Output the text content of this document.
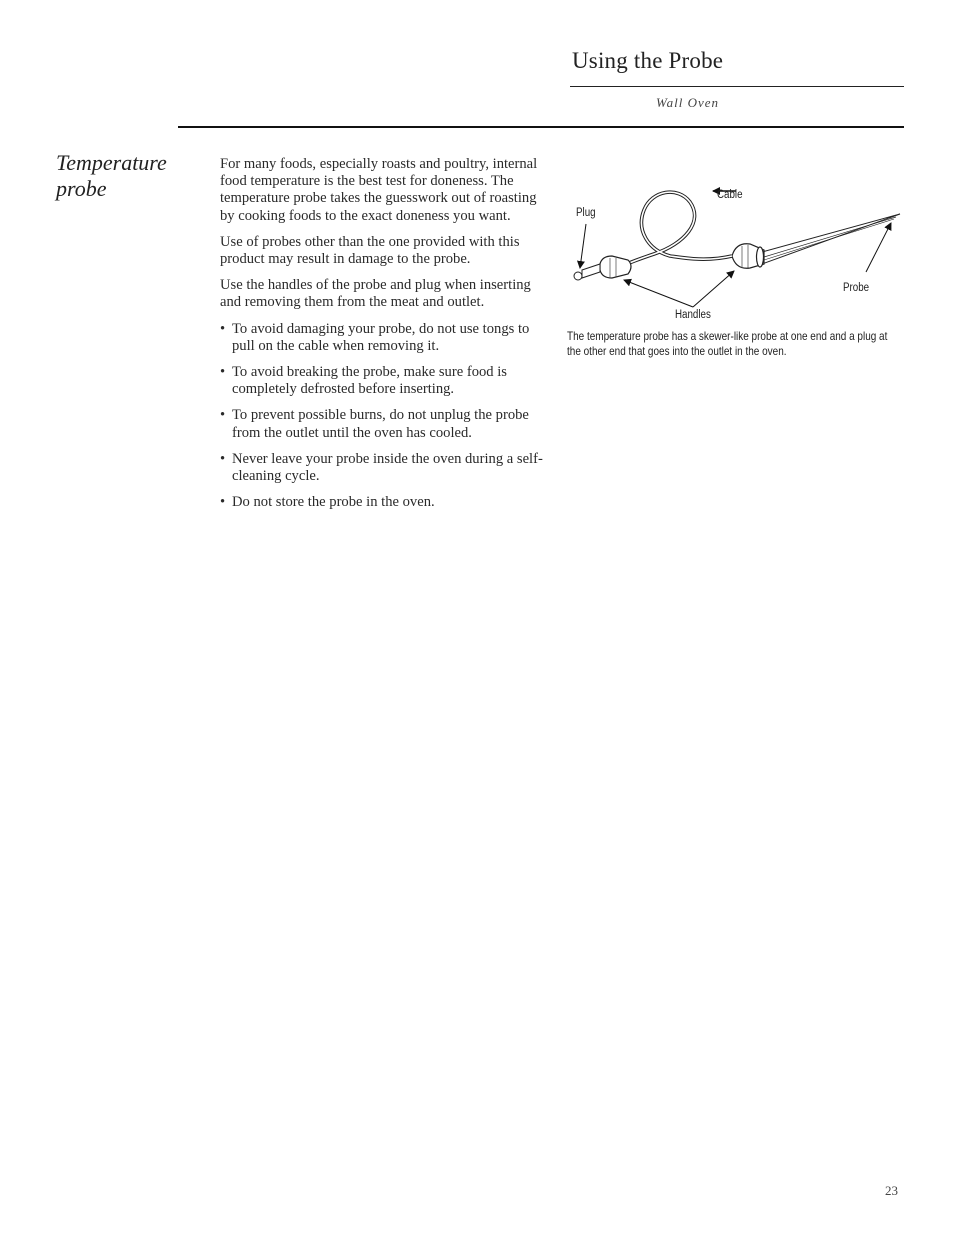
Using the Probe
Wall Oven
Temperature probe

For many foods, especially roasts and poultry, internal food temperature is the best test for doneness. The temperature probe takes the guesswork out of roasting by cooking foods to the exact doneness you want.

Use of probes other than the one provided with this product may result in damage to the probe.

Use the handles of the probe and plug when inserting and removing them from the meat and outlet.

• To avoid damaging your probe, do not use tongs to pull on the cable when removing it.
• To avoid breaking the probe, make sure food is completely defrosted before inserting.
• To prevent possible burns, do not unplug the probe from the outlet until the oven has cooled.
• Never leave your probe inside the oven during a self-cleaning cycle.
• Do not store the probe in the oven.
Cable
Plug
Probe
Handles
The temperature probe has a skewer-like probe at one end and a plug at the other end that goes into the outlet in the oven.
23
